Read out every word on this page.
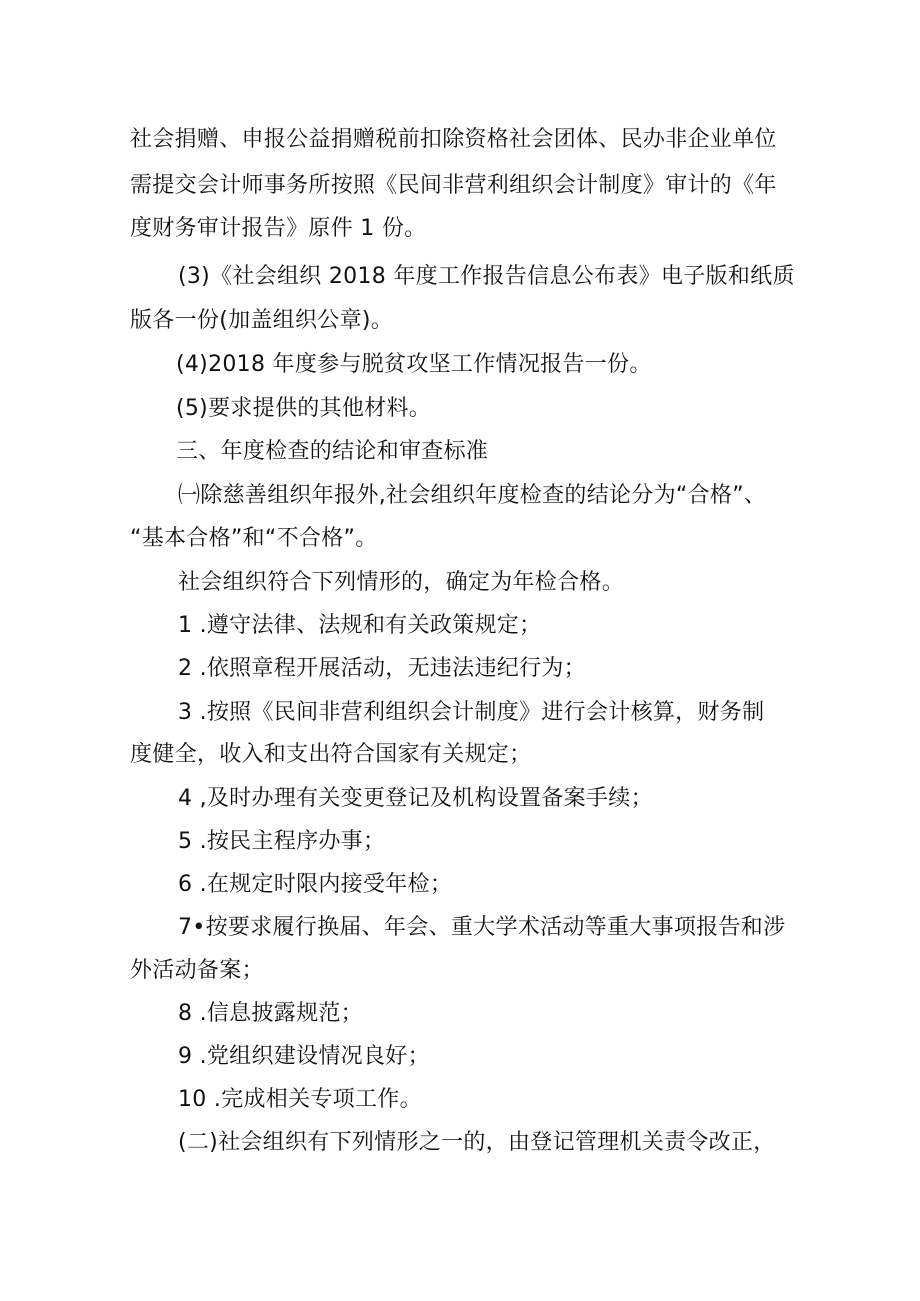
社会捐赠、申报公益捐赠税前扣除资格社会团体、民办非企业单位
需提交会计师事务所按照《民间非营利组织会计制度》审计的《年
度财务审计报告》原件 1 份。
(3)《社会组织 2018 年度工作报告信息公布表》电子版和纸质
版各一份(加盖组织公章)。
(4)2018 年度参与脱贫攻坚工作情况报告一份。
(5)要求提供的其他材料。
三、年度检查的结论和审查标准
㈠除慈善组织年报外,社会组织年度检查的结论分为“合格”、
“基本合格”和“不合格”。
社会组织符合下列情形的，确定为年检合格。
1 .遵守法律、法规和有关政策规定；
2 .依照章程开展活动，无违法违纪行为；
3 .按照《民间非营利组织会计制度》进行会计核算，财务制
度健全，收入和支出符合国家有关规定；
4 ,及时办理有关变更登记及机构设置备案手续；
5 .按民主程序办事；
6 .在规定时限内接受年检；
7•按要求履行换届、年会、重大学术活动等重大事项报告和涉
外活动备案；
8 .信息披露规范；
9 .党组织建设情况良好；
10 .完成相关专项工作。
(二)社会组织有下列情形之一的，由登记管理机关责令改正，
